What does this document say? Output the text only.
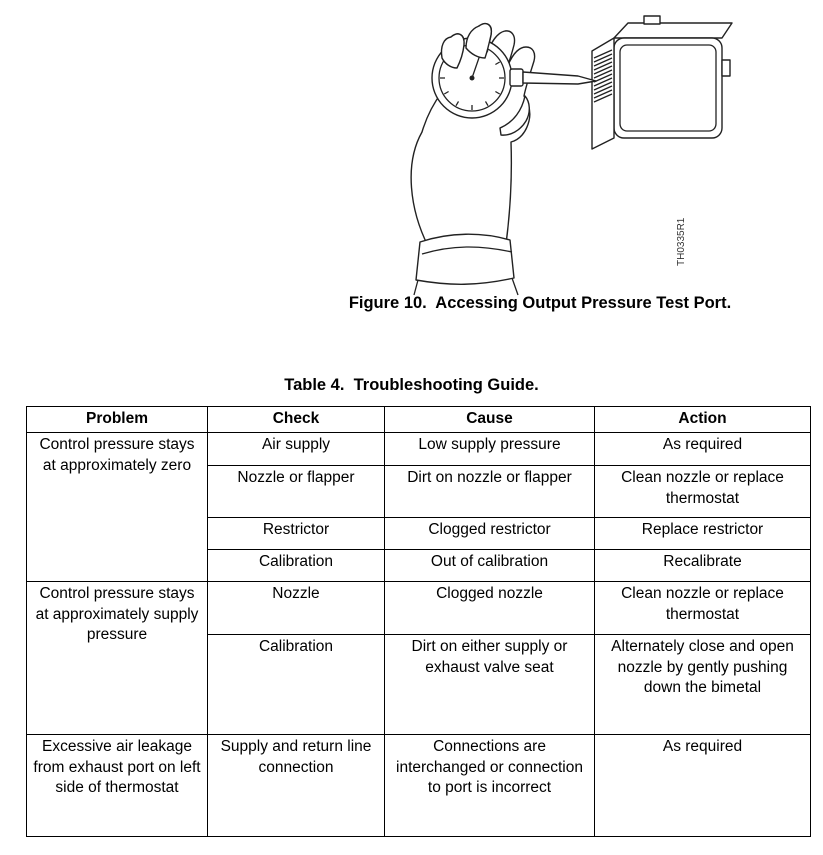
TH0335R1
Figure 10.  Accessing Output Pressure Test Port.
Table 4.  Troubleshooting Guide.
Problem	Check	Cause	Action
Control pressure stays at approximately zero	Air supply	Low supply pressure	As required
	Nozzle or flapper	Dirt on nozzle or flapper	Clean nozzle or replace thermostat
	Restrictor	Clogged restrictor	Replace restrictor
	Calibration	Out of calibration	Recalibrate
Control pressure stays at approximately supply pressure	Nozzle	Clogged nozzle	Clean nozzle or replace thermostat
	Calibration	Dirt on either supply or exhaust valve seat	Alternately close and open nozzle by gently pushing down the bimetal
Excessive air leakage from exhaust port on left side of thermostat	Supply and return line connection	Connections are interchanged or connection to port is incorrect	As required
